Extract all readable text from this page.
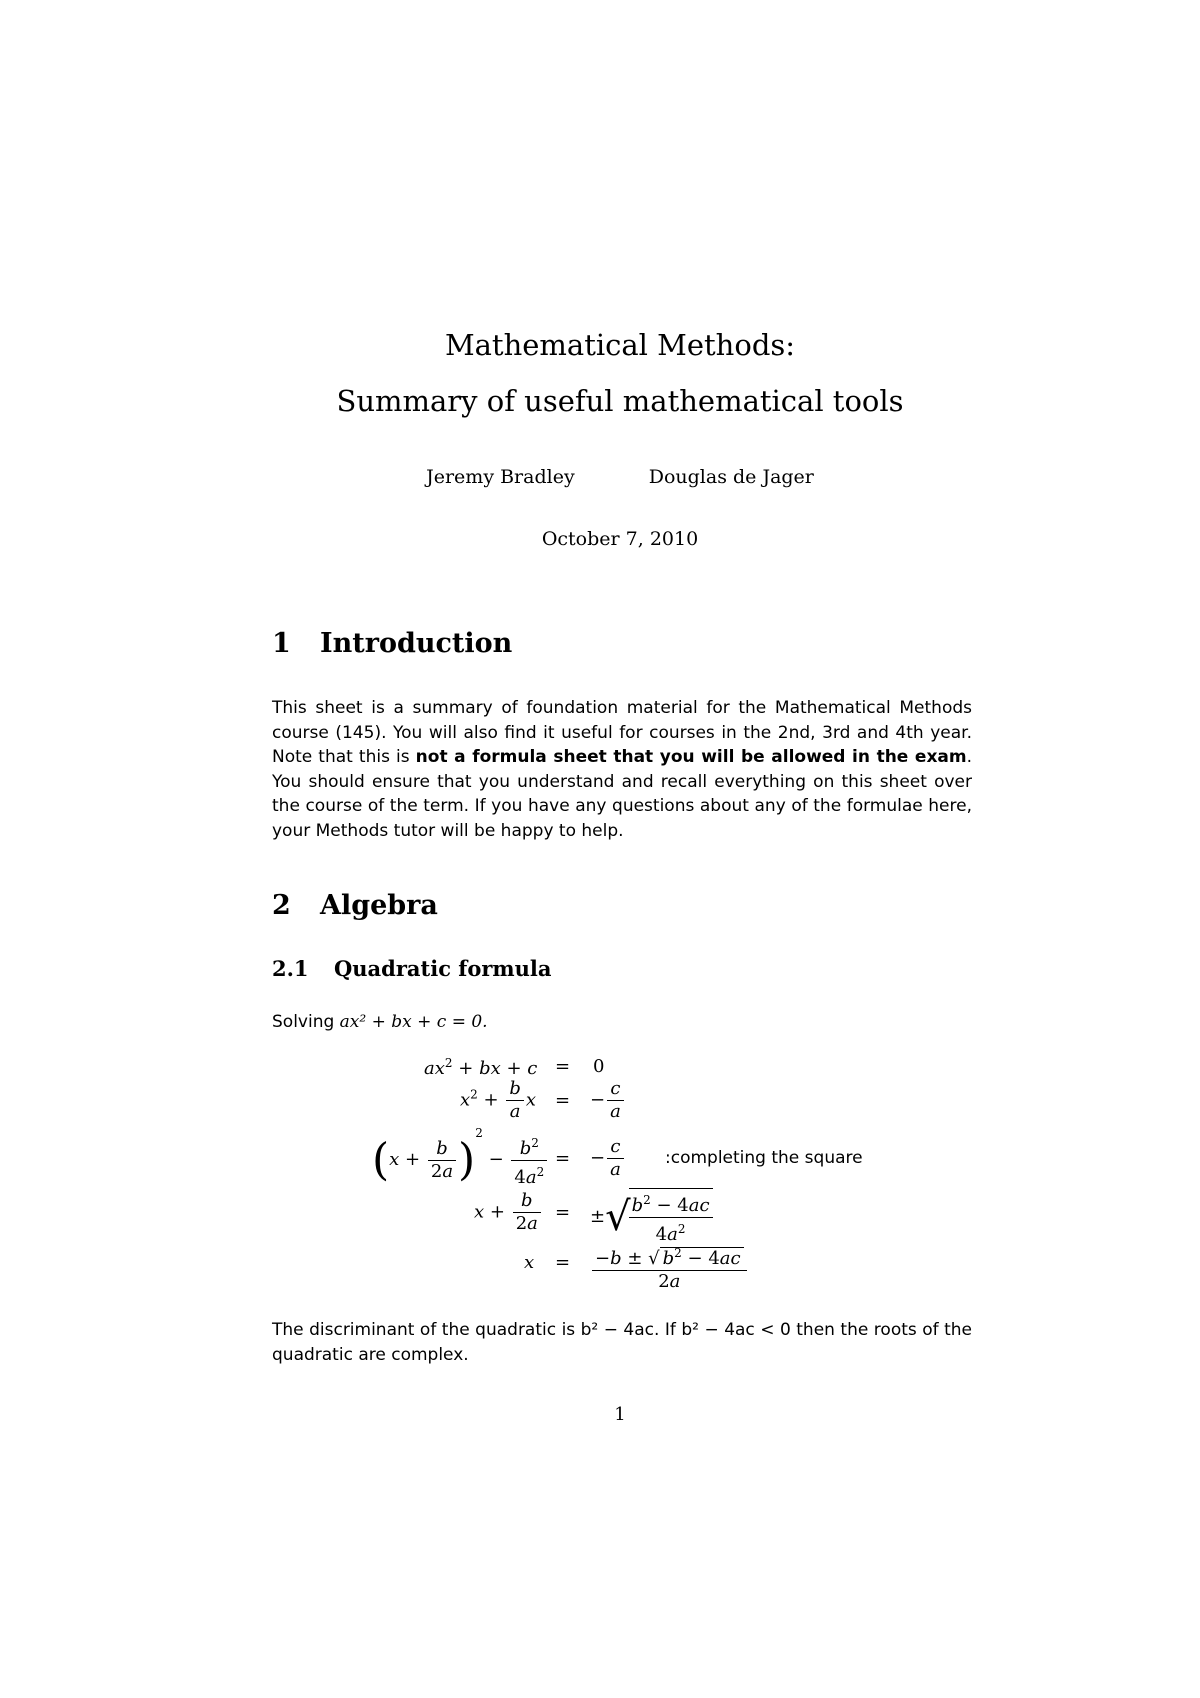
Mathematical Methods:
Summary of useful mathematical tools
Jeremy Bradley	Douglas de Jager
October 7, 2010
1 Introduction
This sheet is a summary of foundation material for the Mathematical Methods course (145). You will also find it useful for courses in the 2nd, 3rd and 4th year. Note that this is not a formula sheet that you will be allowed in the exam. You should ensure that you understand and recall everything on this sheet over the course of the term. If you have any questions about any of the formulae here, your Methods tutor will be happy to help.
2 Algebra
2.1 Quadratic formula
Solving ax² + bx + c = 0.
$ax^2$ + bx + c = 0
$x^2 + \frac{b}{a}$ x = − $\frac{c}{a}$
$(x + \frac{b}{2a} )^2 - \frac{b^2}{4a^2}$ = − $\frac{c}{a}$ :completing the square
$x + \frac{b}{2a}$ = ±√
$\frac{b^2 - 4ac}{4a^2}$
$x = \frac{-b \pm √ b^2 - 4ac}{2a}$
The discriminant of the quadratic is b² − 4ac. If b² − 4ac < 0 then the roots of the quadratic are complex.
1
